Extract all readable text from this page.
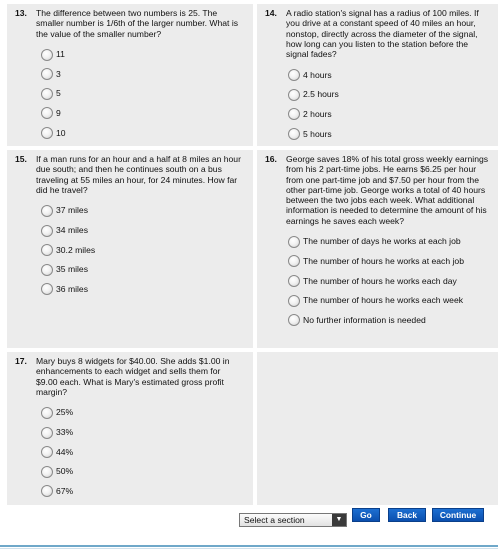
13.	The difference between two numbers is 25. The smaller number is 1/6th of the larger number. What is the value of the smaller number?
11
3
5
9
10
14.	A radio station's signal has a radius of 100 miles. If you drive at a constant speed of 40 miles an hour, nonstop, directly across the diameter of the signal, how long can you listen to the station before the signal fades?
4 hours
2.5 hours
2 hours
5 hours
15.	If a man runs for an hour and a half at 8 miles an hour due south; and then he continues south on a bus traveling at 55 miles an hour, for 24 minutes. How far did he travel?
37 miles
34 miles
30.2 miles
35 miles
36 miles
16.	George saves 18% of his total gross weekly earnings from his 2 part-time jobs. He earns $6.25 per hour from one part-time job and $7.50 per hour from the other part-time job. George works a total of 40 hours between the two jobs each week. What additional information is needed to determine the amount of his earnings he saves each week?
The number of days he works at each job
The number of hours he works at each job
The number of hours he works each day
The number of hours he works each week
No further information is needed
17.	Mary buys 8 widgets for $40.00. She adds $1.00 in enhancements to each widget and sells them for $9.00 each. What is Mary's estimated gross profit margin?
25%
33%
44%
50%
67%
Select a section	▼	Go	Back	Continue
